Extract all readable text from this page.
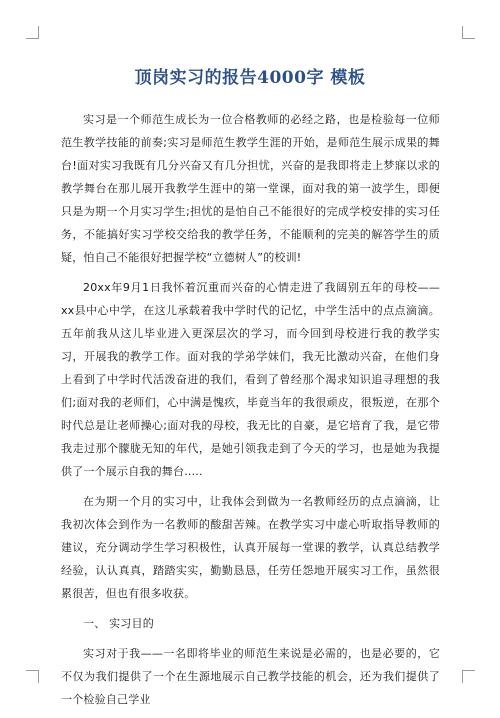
顶岗实习的报告4000字 模板

实习是一个师范生成长为一位合格教师的必经之路，也是检验每一位师范生教学技能的前奏;实习是师范生教学生涯的开始，是师范生展示成果的舞台!面对实习我既有几分兴奋又有几分担忧，兴奋的是我即将走上梦寐以求的教学舞台在那儿展开我教学生涯中的第一堂课，面对我的第一波学生，即便只是为期一个月实习学生;担忧的是怕自己不能很好的完成学校安排的实习任务，不能搞好实习学校交给我的教学任务，不能顺利的完美的解答学生的质疑，怕自己不能很好把握学校“立德树人”的校训!

20xx年9月1日我怀着沉重而兴奋的心情走进了我阔别五年的母校——xx县中心中学，在这儿承载着我中学时代的记忆，中学生活中的点点滴滴。五年前我从这儿毕业进入更深层次的学习，而今回到母校进行我的教学实习，开展我的教学工作。面对我的学弟学妹们，我无比激动兴奋，在他们身上看到了中学时代活泼奋进的我们，看到了曾经那个渴求知识追寻理想的我们;面对我的老师们，心中满是愧疚，毕竟当年的我很顽皮，很叛逆，在那个时代总是让老师操心;面对我的母校，我无比的自豪，是它培育了我，是它带我走过那个朦胧无知的年代，是她引领我走到了今天的学习，也是她为我提供了一个展示自我的舞台.....

在为期一个月的实习中，让我体会到做为一名教师经历的点点滴滴，让我初次体会到作为一名教师的酸甜苦辣。在教学实习中虚心听取指导教师的建议，充分调动学生学习积极性，认真开展每一堂课的教学，认真总结教学经验，认认真真，踏踏实实，勤勤恳恳，任劳任怨地开展实习工作，虽然很累很苦，但也有很多收获。

一、 实习目的

实习对于我——一名即将毕业的师范生来说是必需的，也是必要的，它不仅为我们提供了一个在生源地展示自己教学技能的机会，还为我们提供了一个检验自己学业
